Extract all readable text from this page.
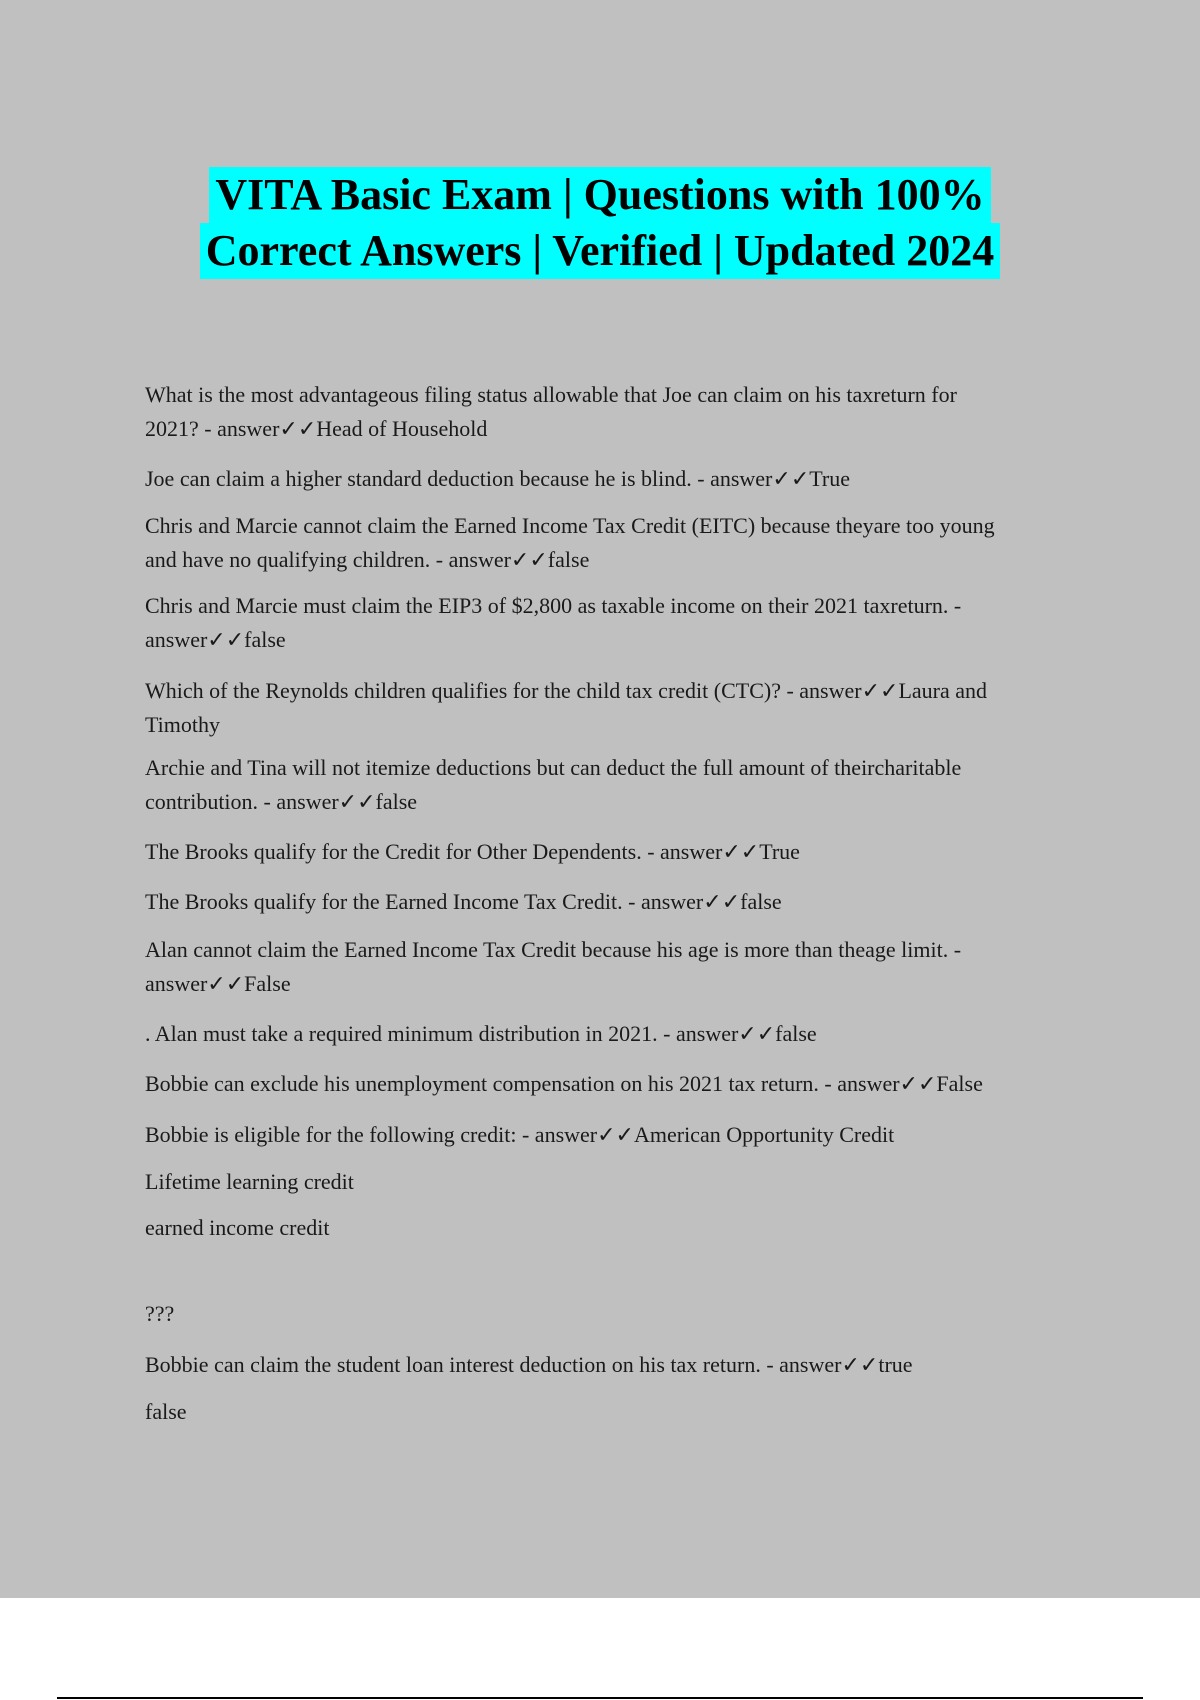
VITA Basic Exam | Questions with 100%
Correct Answers | Verified | Updated 2024

What is the most advantageous filing status allowable that Joe can claim on his taxreturn for

2021? - answer✓✓Head of Household

Joe can claim a higher standard deduction because he is blind. - answer✓✓True

Chris and Marcie cannot claim the Earned Income Tax Credit (EITC) because theyare too young

and have no qualifying children. - answer✓✓false

Chris and Marcie must claim the EIP3 of $2,800 as taxable income on their 2021 taxreturn. -

answer✓✓false

Which of the Reynolds children qualifies for the child tax credit (CTC)? - answer✓✓Laura and

Timothy

Archie and Tina will not itemize deductions but can deduct the full amount of theircharitable

contribution. - answer✓✓false

The Brooks qualify for the Credit for Other Dependents. - answer✓✓True

The Brooks qualify for the Earned Income Tax Credit. - answer✓✓false

Alan cannot claim the Earned Income Tax Credit because his age is more than theage limit. -

answer✓✓False

. Alan must take a required minimum distribution in 2021. - answer✓✓false

Bobbie can exclude his unemployment compensation on his 2021 tax return. - answer✓✓False

Bobbie is eligible for the following credit: - answer✓✓American Opportunity Credit

Lifetime learning credit

earned income credit

???

Bobbie can claim the student loan interest deduction on his tax return. - answer✓✓true

false
